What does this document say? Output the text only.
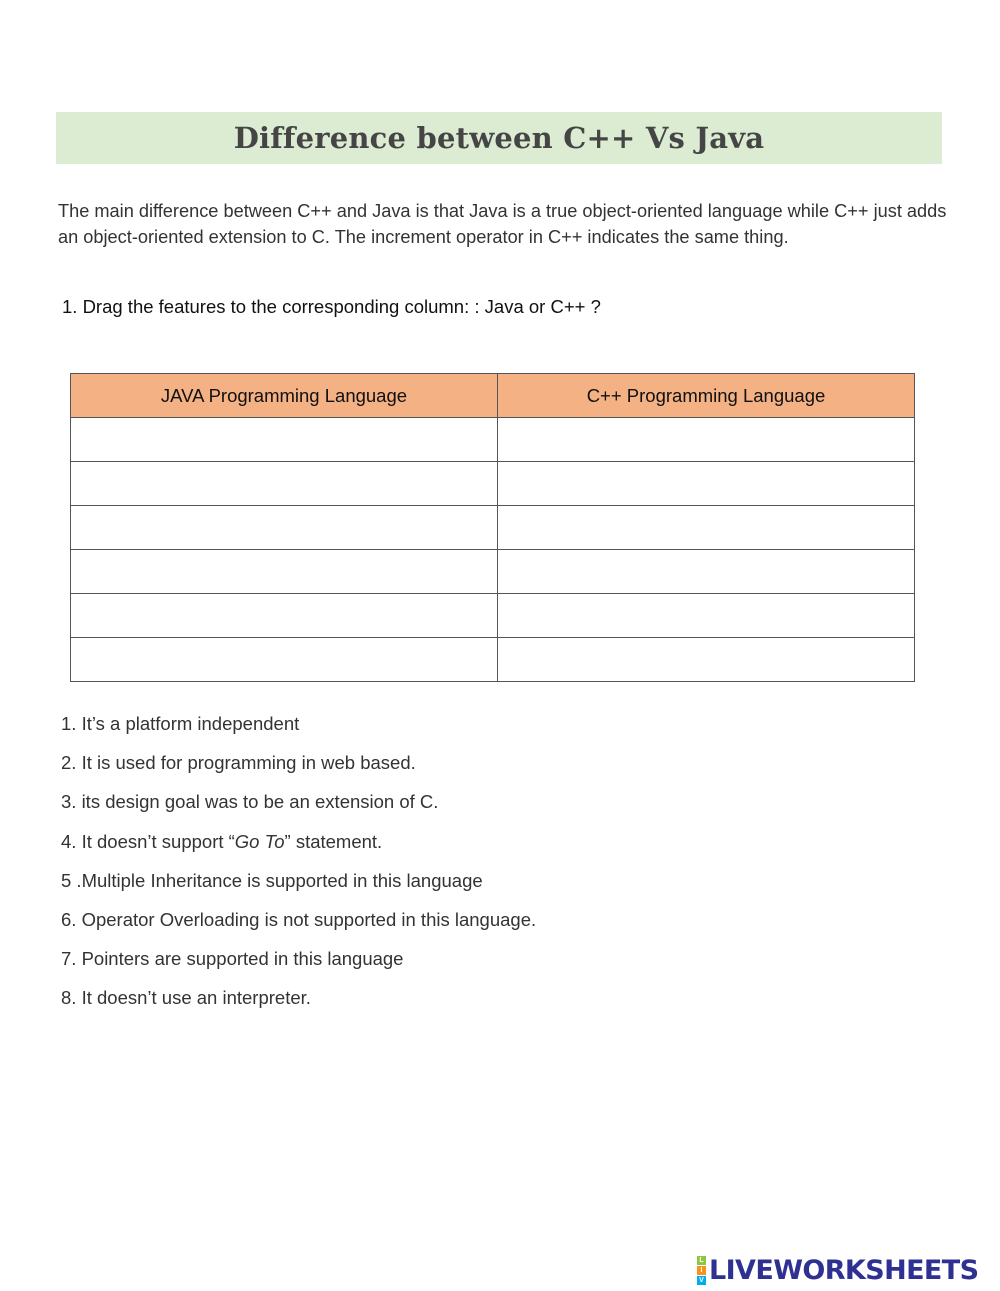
Difference between C++ Vs Java

The main difference between C++ and Java is that Java is a true object-oriented language while C++ just adds an object-oriented extension to C. The increment operator in C++ indicates the same thing.

1. Drag the features to the corresponding column: : Java or C++ ?

JAVA Programming Language	C++ Programming Language

1. It’s a platform independent
2. It is used for programming in web based.
3. its design goal was to be an extension of C.
4. It doesn’t support “Go To” statement.
5 .Multiple Inheritance is supported in this language
6. Operator Overloading is not supported in this language.
7. Pointers are supported in this language
8. It doesn’t use an interpreter.
L
I
V LIVEWORKSHEETS
